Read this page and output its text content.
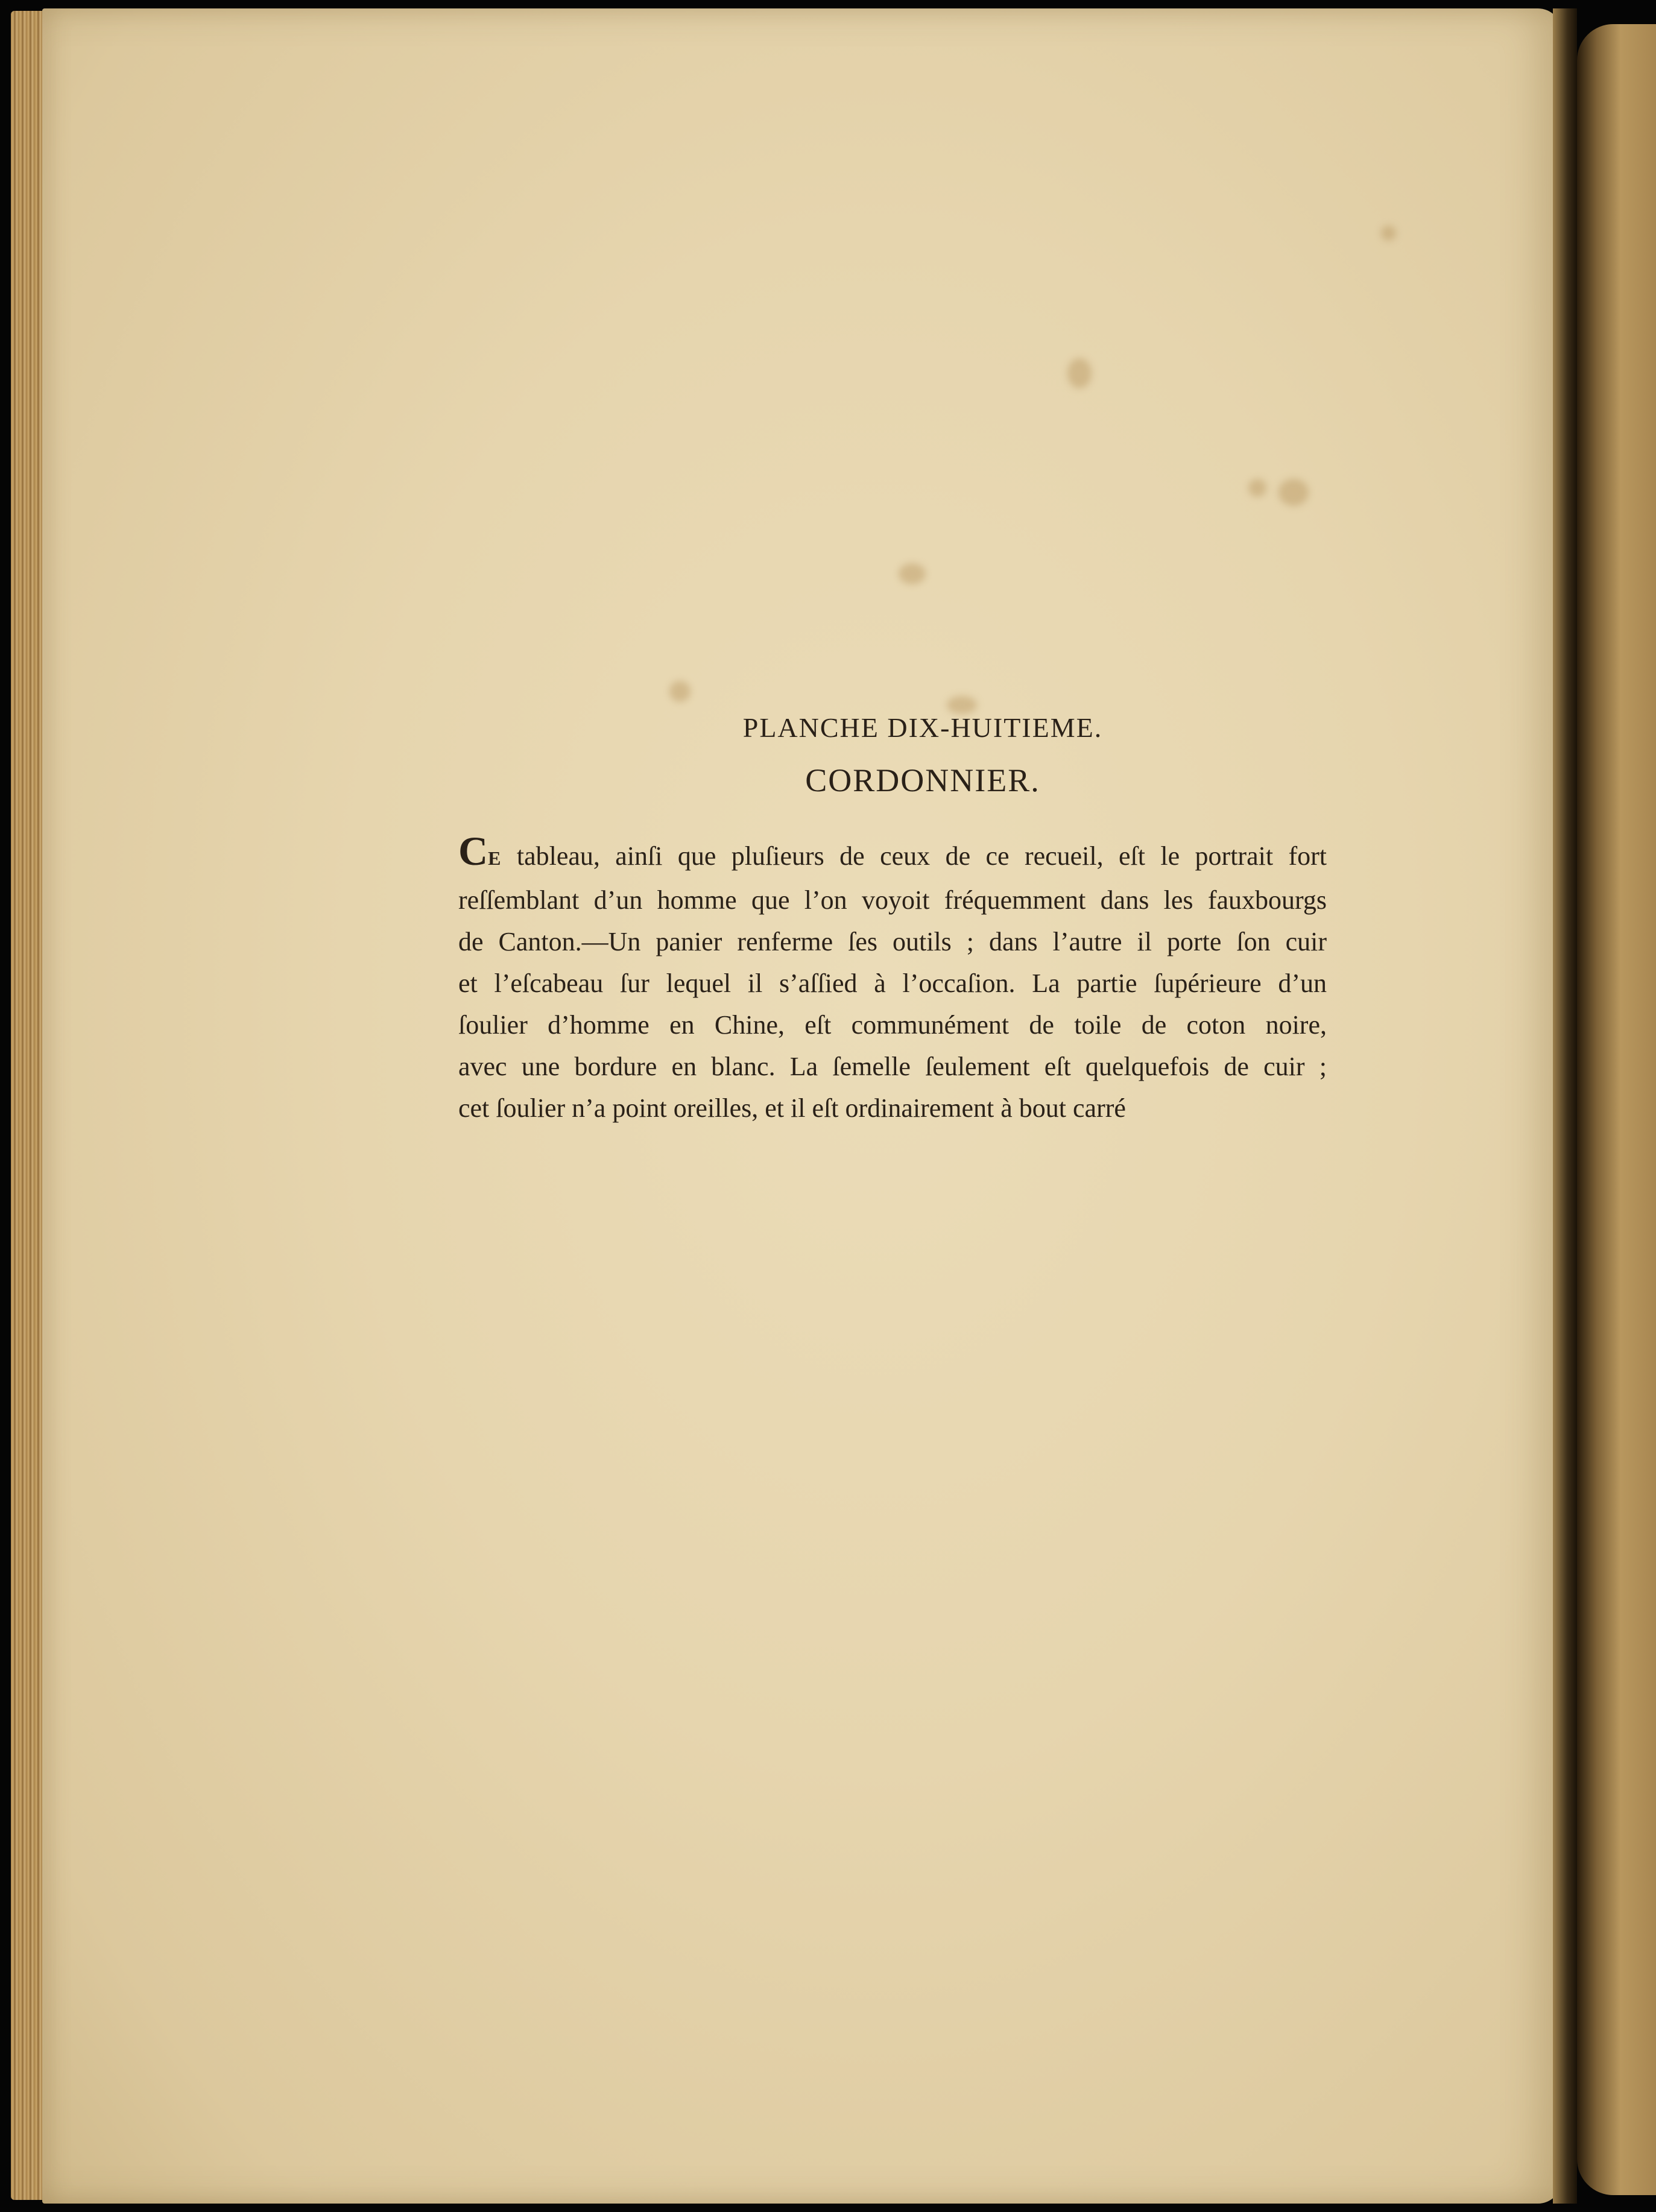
PLANCHE DIX-HUITIEME.
CORDONNIER.
CE tableau, ainſi que pluſieurs de ceux de ce recueil, eſt le portrait fort
reſſemblant d’un homme que l’on voyoit fréquemment dans les fauxbourgs
de Canton.—Un panier renferme ſes outils ; dans l’autre il porte ſon cuir
et l’eſcabeau ſur lequel il s’aſſied à l’occaſion. La partie ſupérieure d’un
ſoulier d’homme en Chine, eſt communément de toile de coton noire,
avec une bordure en blanc. La ſemelle ſeulement eſt quelquefois de cuir ;
cet ſoulier n’a point oreilles, et il eſt ordinairement à bout carré
